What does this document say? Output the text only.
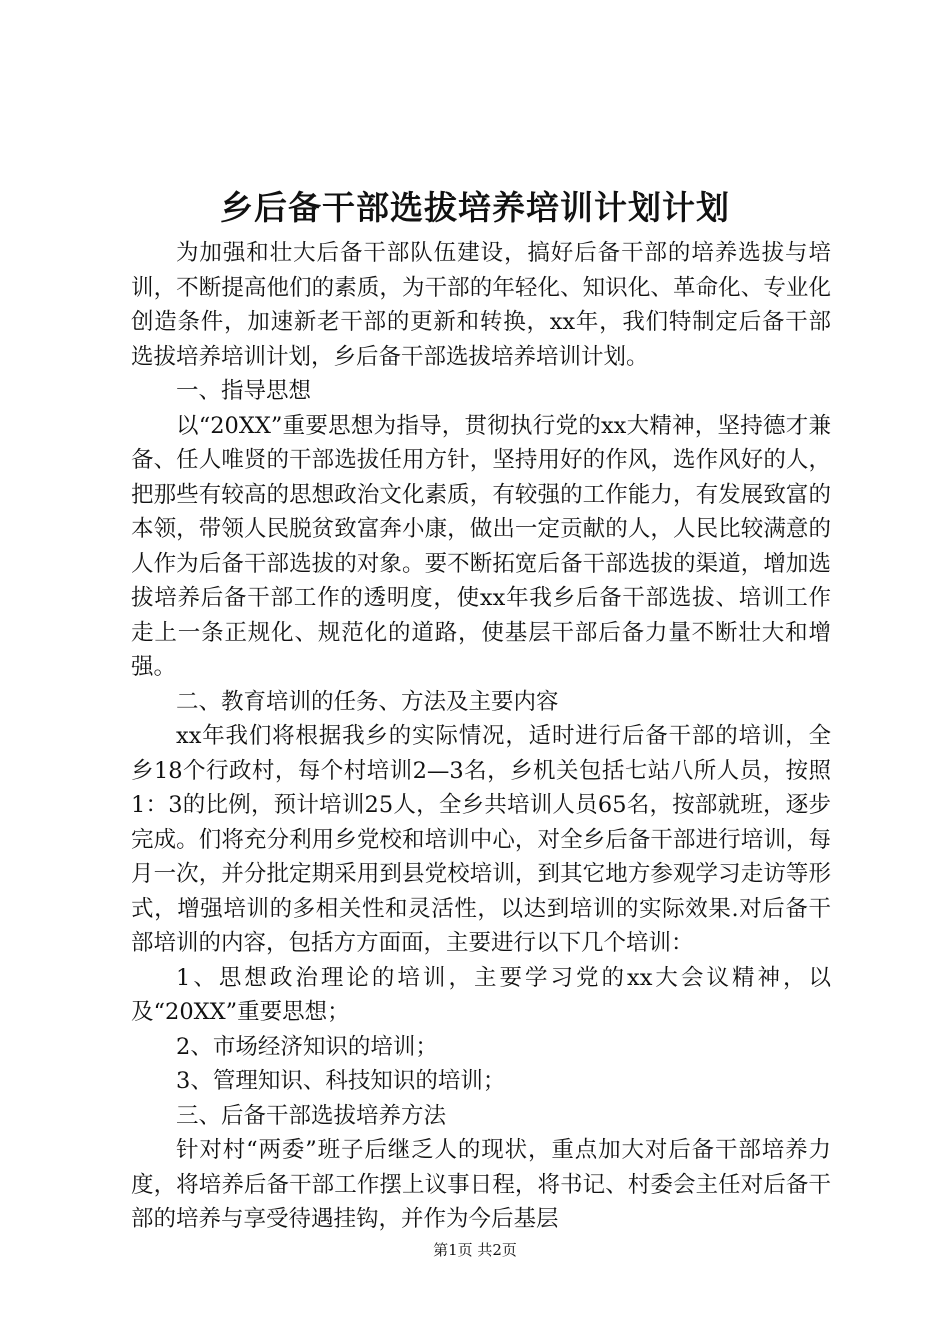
乡后备干部选拔培养培训计划计划

为加强和壮大后备干部队伍建设，搞好后备干部的培养选拔与培训，不断提高他们的素质，为干部的年轻化、知识化、革命化、专业化创造条件，加速新老干部的更新和转换，xx年，我们特制定后备干部选拔培养培训计划，乡后备干部选拔培养培训计划。

一、指导思想

以“20XX”重要思想为指导，贯彻执行党的xx大精神，坚持德才兼备、任人唯贤的干部选拔任用方针，坚持用好的作风，选作风好的人，把那些有较高的思想政治文化素质，有较强的工作能力，有发展致富的本领，带领人民脱贫致富奔小康，做出一定贡献的人，人民比较满意的人作为后备干部选拔的对象。要不断拓宽后备干部选拔的渠道，增加选拔培养后备干部工作的透明度，使xx年我乡后备干部选拔、培训工作走上一条正规化、规范化的道路，使基层干部后备力量不断壮大和增强。

二、教育培训的任务、方法及主要内容

xx年我们将根据我乡的实际情况，适时进行后备干部的培训，全乡18个行政村，每个村培训2—3名，乡机关包括七站八所人员，按照1：3的比例，预计培训25人，全乡共培训人员65名，按部就班，逐步完成。们将充分利用乡党校和培训中心，对全乡后备干部进行培训，每月一次，并分批定期采用到县党校培训，到其它地方参观学习走访等形式，增强培训的多相关性和灵活性，以达到培训的实际效果.对后备干部培训的内容，包括方方面面，主要进行以下几个培训：

1、思想政治理论的培训，主要学习党的xx大会议精神，以及“20XX”重要思想；

2、市场经济知识的培训；

3、管理知识、科技知识的培训；

三、后备干部选拔培养方法

针对村“两委”班子后继乏人的现状，重点加大对后备干部培养力度，将培养后备干部工作摆上议事日程，将书记、村委会主任对后备干部的培养与享受待遇挂钩，并作为今后基层

第1页 共2页
